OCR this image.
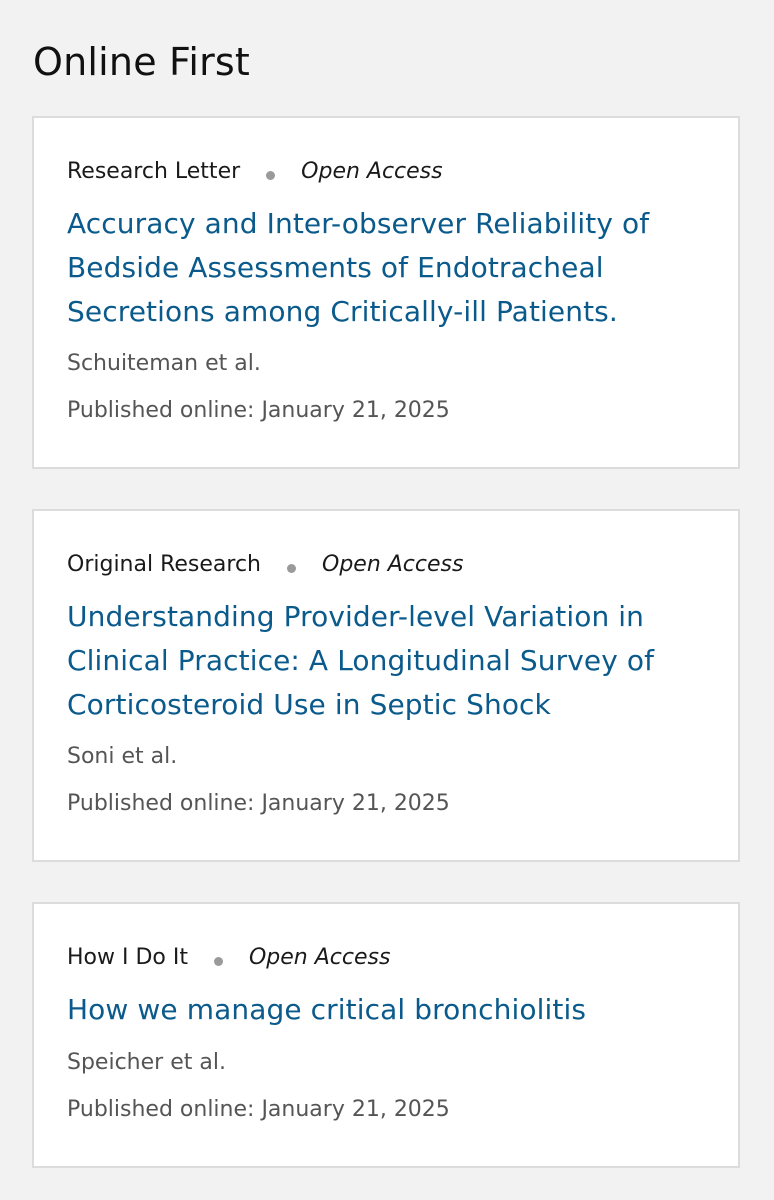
Online First
Research Letter	Open Access
Accuracy and Inter-observer Reliability of Bedside Assessments of Endotracheal Secretions among Critically-ill Patients.
Schuiteman et al.
Published online: January 21, 2025
Original Research	Open Access
Understanding Provider-level Variation in Clinical Practice: A Longitudinal Survey of Corticosteroid Use in Septic Shock
Soni et al.
Published online: January 21, 2025
How I Do It	Open Access
How we manage critical bronchiolitis
Speicher et al.
Published online: January 21, 2025
